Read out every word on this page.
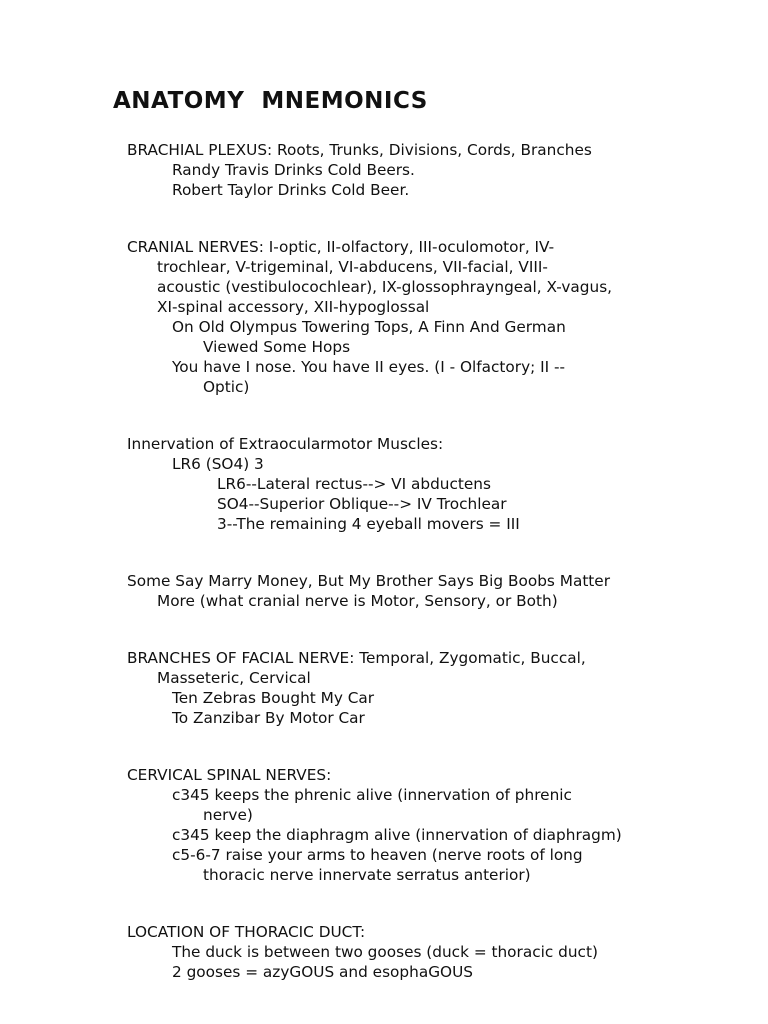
ANATOMY  MNEMONICS

BRACHIAL PLEXUS: Roots, Trunks, Divisions, Cords, Branches

Randy Travis Drinks Cold Beers.

Robert Taylor Drinks Cold Beer.

CRANIAL NERVES: I-optic, II-olfactory, III-oculomotor, IV-

trochlear, V-trigeminal, VI-abducens, VII-facial, VIII-

acoustic (vestibulocochlear), IX-glossophrayngeal, X-vagus,

XI-spinal accessory, XII-hypoglossal

On Old Olympus Towering Tops, A Finn And German

Viewed Some Hops

You have I nose. You have II eyes. (I - Olfactory; II --

Optic)

Innervation of Extraocularmotor Muscles:

LR6 (SO4) 3

LR6--Lateral rectus--> VI abductens

SO4--Superior Oblique--> IV Trochlear

3--The remaining 4 eyeball movers = III

Some Say Marry Money, But My Brother Says Big Boobs Matter

More (what cranial nerve is Motor, Sensory, or Both)

BRANCHES OF FACIAL NERVE: Temporal, Zygomatic, Buccal,

Masseteric, Cervical

Ten Zebras Bought My Car

To Zanzibar By Motor Car

CERVICAL SPINAL NERVES:

c345 keeps the phrenic alive (innervation of phrenic

nerve)

c345 keep the diaphragm alive (innervation of diaphragm)

c5-6-7 raise your arms to heaven (nerve roots of long

thoracic nerve innervate serratus anterior)

LOCATION OF THORACIC DUCT:

The duck is between two gooses (duck = thoracic duct)

2 gooses = azyGOUS and esophaGOUS
